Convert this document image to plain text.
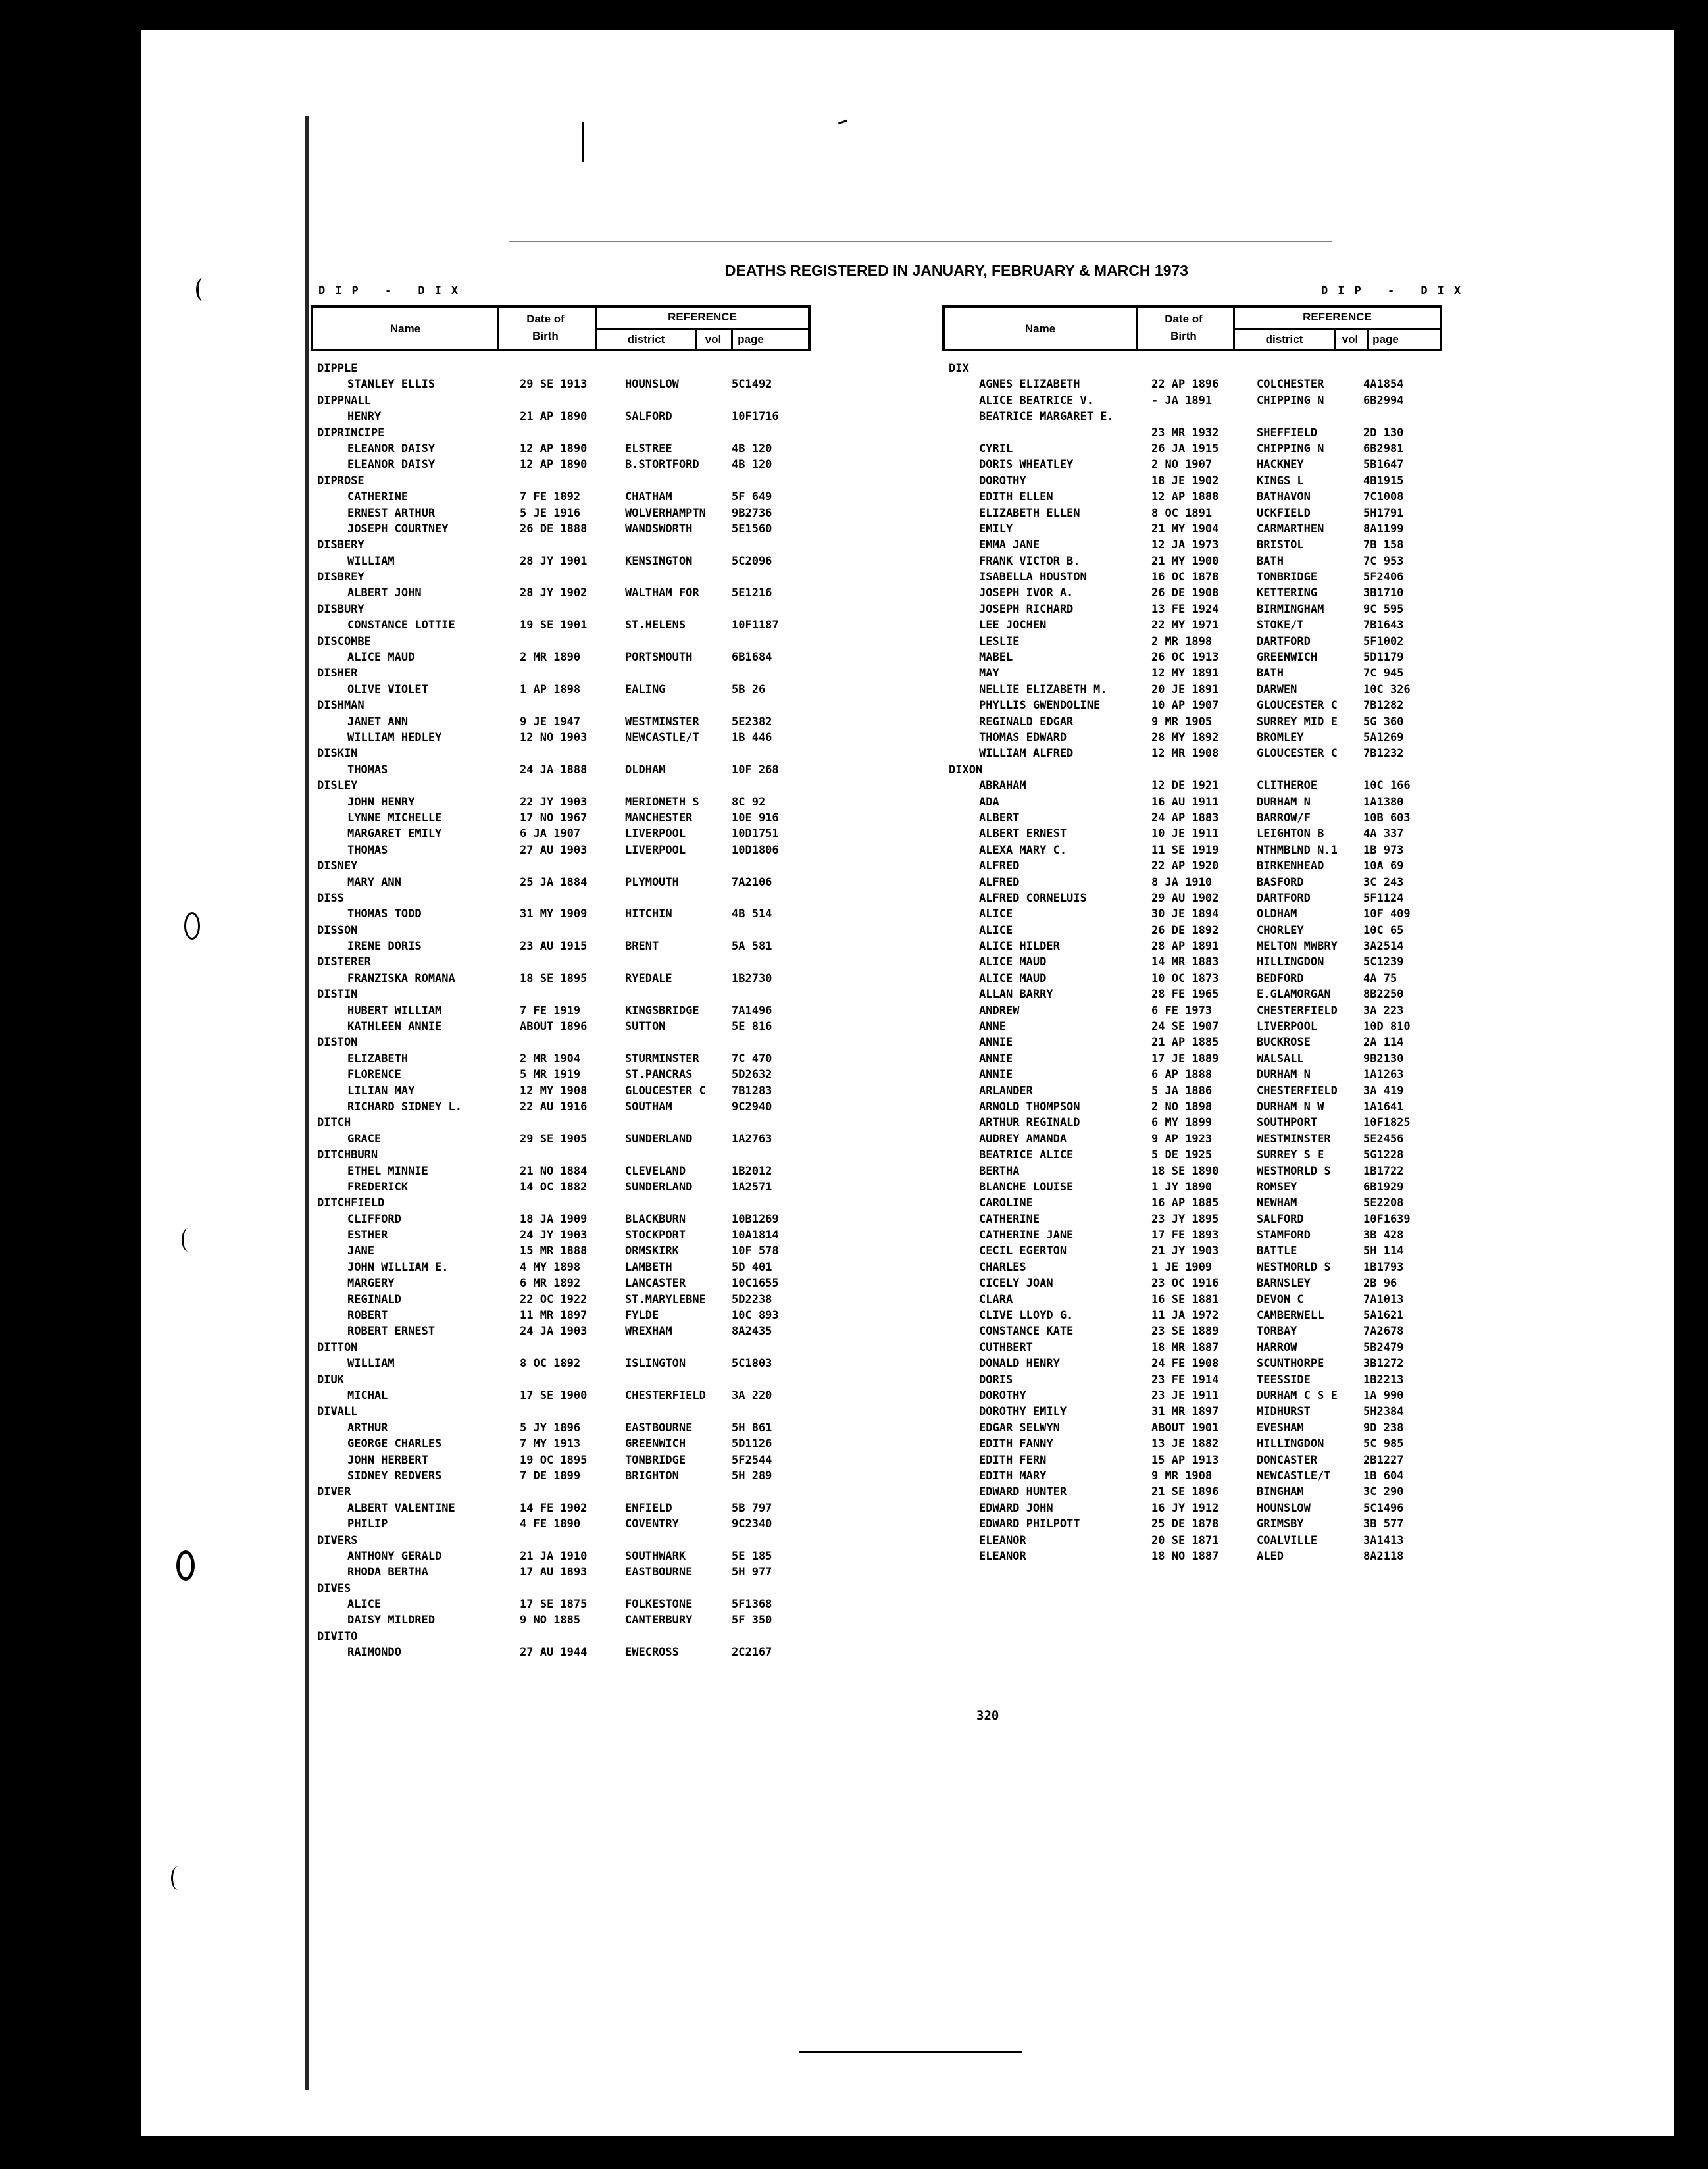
DEATHS REGISTERED IN JANUARY, FEBRUARY & MARCH 1973
DIP - DIX	DIP - DIX
Name
Date of Birth
REFERENCE
district	vol	page
DIPPLE
STANLEY ELLIS	29 SE 1913	HOUNSLOW	5C1492
DIPPNALL
HENRY	21 AP 1890	SALFORD	10F1716
DIPRINCIPE
ELEANOR DAISY	12 AP 1890	ELSTREE	4B 120
ELEANOR DAISY	12 AP 1890	B.STORTFORD	4B 120
DIPROSE
CATHERINE	7 FE 1892	CHATHAM	5F 649
ERNEST ARTHUR	5 JE 1916	WOLVERHAMPTN 9B2736
JOSEPH COURTNEY	26 DE 1888	WANDSWORTH	5E1560
DISBERY
WILLIAM	28 JY 1901	KENSINGTON	5C2096
DISBREY
ALBERT JOHN	28 JY 1902	WALTHAM FOR	5E1216
DISBURY
CONSTANCE LOTTIE	19 SE 1901	ST.HELENS	10F1187
DISCOMBE
ALICE MAUD	2 MR 1890	PORTSMOUTH	6B1684
DISHER
OLIVE VIOLET	1 AP 1898	EALING	5B 26
DISHMAN
JANET ANN	9 JE 1947	WESTMINSTER	5E2382
WILLIAM HEDLEY	12 NO 1903	NEWCASTLE/T	1B 446
DISKIN
THOMAS	24 JA 1888	OLDHAM	10F 268
DISLEY
JOHN HENRY	22 JY 1903	MERIONETH S	8C 92
LYNNE MICHELLE	17 NO 1967	MANCHESTER	10E 916
MARGARET EMILY	6 JA 1907	LIVERPOOL	10D1751
THOMAS	27 AU 1903	LIVERPOOL	10D1806
DISNEY
MARY ANN	25 JA 1884	PLYMOUTH	7A2106
DISS
THOMAS TODD	31 MY 1909	HITCHIN	4B 514
DISSON
IRENE DORIS	23 AU 1915	BRENT	5A 581
DISTERER
FRANZISKA ROMANA	18 SE 1895	RYEDALE	1B2730
DISTIN
HUBERT WILLIAM	7 FE 1919	KINGSBRIDGE	7A1496
KATHLEEN ANNIE	ABOUT 1896	SUTTON	5E 816
DISTON
ELIZABETH	2 MR 1904	STURMINSTER	7C 470
FLORENCE	5 MR 1919	ST.PANCRAS	5D2632
LILIAN MAY	12 MY 1908	GLOUCESTER C 7B1283
RICHARD SIDNEY L.	22 AU 1916	SOUTHAM	9C2940
DITCH
GRACE	29 SE 1905	SUNDERLAND	1A2763
DITCHBURN
ETHEL MINNIE	21 NO 1884	CLEVELAND	1B2012
FREDERICK	14 OC 1882	SUNDERLAND	1A2571
DITCHFIELD
CLIFFORD	18 JA 1909	BLACKBURN	10B1269
ESTHER	24 JY 1903	STOCKPORT	10A1814
JANE	15 MR 1888	ORMSKIRK	10F 578
JOHN WILLIAM E.	4 MY 1898	LAMBETH	5D 401
MARGERY	6 MR 1892	LANCASTER	10C1655
REGINALD	22 OC 1922	ST.MARYLEBNE 5D2238
ROBERT	11 MR 1897	FYLDE	10C 893
ROBERT ERNEST	24 JA 1903	WREXHAM	8A2435
DITTON
WILLIAM	8 OC 1892	ISLINGTON	5C1803
DIUK
MICHAL	17 SE 1900	CHESTERFIELD 3A 220
DIVALL
ARTHUR	5 JY 1896	EASTBOURNE	5H 861
GEORGE CHARLES	7 MY 1913	GREENWICH	5D1126
JOHN HERBERT	19 OC 1895	TONBRIDGE	5F2544
SIDNEY REDVERS	7 DE 1899	BRIGHTON	5H 289
DIVER
ALBERT VALENTINE	14 FE 1902	ENFIELD	5B 797
PHILIP	4 FE 1890	COVENTRY	9C2340
DIVERS
ANTHONY GERALD	21 JA 1910	SOUTHWARK	5E 185
RHODA BERTHA	17 AU 1893	EASTBOURNE	5H 977
DIVES
ALICE	17 SE 1875	FOLKESTONE	5F1368
DAISY MILDRED	9 NO 1885	CANTERBURY	5F 350
DIVITO
RAIMONDO	27 AU 1944	EWECROSS	2C2167
Name
Date of Birth
REFERENCE
district	vol	page
DIX
AGNES ELIZABETH	22 AP 1896	COLCHESTER	4A1854
ALICE BEATRICE V.	- JA 1891	CHIPPING N	6B2994
BEATRICE MARGARET E.
23 MR 1932	SHEFFIELD	2D 130
CYRIL	26 JA 1915	CHIPPING N	6B2981
DORIS WHEATLEY	2 NO 1907	HACKNEY	5B1647
DOROTHY	18 JE 1902	KINGS L	4B1915
EDITH ELLEN	12 AP 1888	BATHAVON	7C1008
ELIZABETH ELLEN	8 OC 1891	UCKFIELD	5H1791
EMILY	21 MY 1904	CARMARTHEN	8A1199
EMMA JANE	12 JA 1973	BRISTOL	7B 158
FRANK VICTOR B.	21 MY 1900	BATH	7C 953
ISABELLA HOUSTON	16 OC 1878	TONBRIDGE	5F2406
JOSEPH IVOR A.	26 DE 1908	KETTERING	3B1710
JOSEPH RICHARD	13 FE 1924	BIRMINGHAM	9C 595
LEE JOCHEN	22 MY 1971	STOKE/T	7B1643
LESLIE	2 MR 1898	DARTFORD	5F1002
MABEL	26 OC 1913	GREENWICH	5D1179
MAY	12 MY 1891	BATH	7C 945
NELLIE ELIZABETH M.	20 JE 1891	DARWEN	10C 326
PHYLLIS GWENDOLINE	10 AP 1907	GLOUCESTER C 7B1282
REGINALD EDGAR	9 MR 1905	SURREY MID E 5G 360
THOMAS EDWARD	28 MY 1892	BROMLEY	5A1269
WILLIAM ALFRED	12 MR 1908	GLOUCESTER C 7B1232
DIXON
ABRAHAM	12 DE 1921	CLITHEROE	10C 166
ADA	16 AU 1911	DURHAM N	1A1380
ALBERT	24 AP 1883	BARROW/F	10B 603
ALBERT ERNEST	10 JE 1911	LEIGHTON B	4A 337
ALEXA MARY C.	11 SE 1919	NTHMBLND N.1 1B 973
ALFRED	22 AP 1920	BIRKENHEAD	10A 69
ALFRED	8 JA 1910	BASFORD	3C 243
ALFRED CORNELUIS	29 AU 1902	DARTFORD	5F1124
ALICE	30 JE 1894	OLDHAM	10F 409
ALICE	26 DE 1892	CHORLEY	10C 65
ALICE HILDER	28 AP 1891	MELTON MWBRY 3A2514
ALICE MAUD	14 MR 1883	HILLINGDON	5C1239
ALICE MAUD	10 OC 1873	BEDFORD	4A 75
ALLAN BARRY	28 FE 1965	E.GLAMORGAN	8B2250
ANDREW	6 FE 1973	CHESTERFIELD 3A 223
ANNE	24 SE 1907	LIVERPOOL	10D 810
ANNIE	21 AP 1885	BUCKROSE	2A 114
ANNIE	17 JE 1889	WALSALL	9B2130
ANNIE	6 AP 1888	DURHAM N	1A1263
ARLANDER	5 JA 1886	CHESTERFIELD 3A 419
ARNOLD THOMPSON	2 NO 1898	DURHAM N W	1A1641
ARTHUR REGINALD	6 MY 1899	SOUTHPORT	10F1825
AUDREY AMANDA	9 AP 1923	WESTMINSTER	5E2456
BEATRICE ALICE	5 DE 1925	SURREY S E	5G1228
BERTHA	18 SE 1890	WESTMORLD S	1B1722
BLANCHE LOUISE	1 JY 1890	ROMSEY	6B1929
CAROLINE	16 AP 1885	NEWHAM	5E2208
CATHERINE	23 JY 1895	SALFORD	10F1639
CATHERINE JANE	17 FE 1893	STAMFORD	3B 428
CECIL EGERTON	21 JY 1903	BATTLE	5H 114
CHARLES	1 JE 1909	WESTMORLD S	1B1793
CICELY JOAN	23 OC 1916	BARNSLEY	2B 96
CLARA	16 SE 1881	DEVON C	7A1013
CLIVE LLOYD G.	11 JA 1972	CAMBERWELL	5A1621
CONSTANCE KATE	23 SE 1889	TORBAY	7A2678
CUTHBERT	18 MR 1887	HARROW	5B2479
DONALD HENRY	24 FE 1908	SCUNTHORPE	3B1272
DORIS	23 FE 1914	TEESSIDE	1B2213
DOROTHY	23 JE 1911	DURHAM C S E 1A 990
DOROTHY EMILY	31 MR 1897	MIDHURST	5H2384
EDGAR SELWYN	ABOUT 1901	EVESHAM	9D 238
EDITH FANNY	13 JE 1882	HILLINGDON	5C 985
EDITH FERN	15 AP 1913	DONCASTER	2B1227
EDITH MARY	9 MR 1908	NEWCASTLE/T	1B 604
EDWARD HUNTER	21 SE 1896	BINGHAM	3C 290
EDWARD JOHN	16 JY 1912	HOUNSLOW	5C1496
EDWARD PHILPOTT	25 DE 1878	GRIMSBY	3B 577
ELEANOR	20 SE 1871	COALVILLE	3A1413
ELEANOR	18 NO 1887	ALED	8A2118
320
